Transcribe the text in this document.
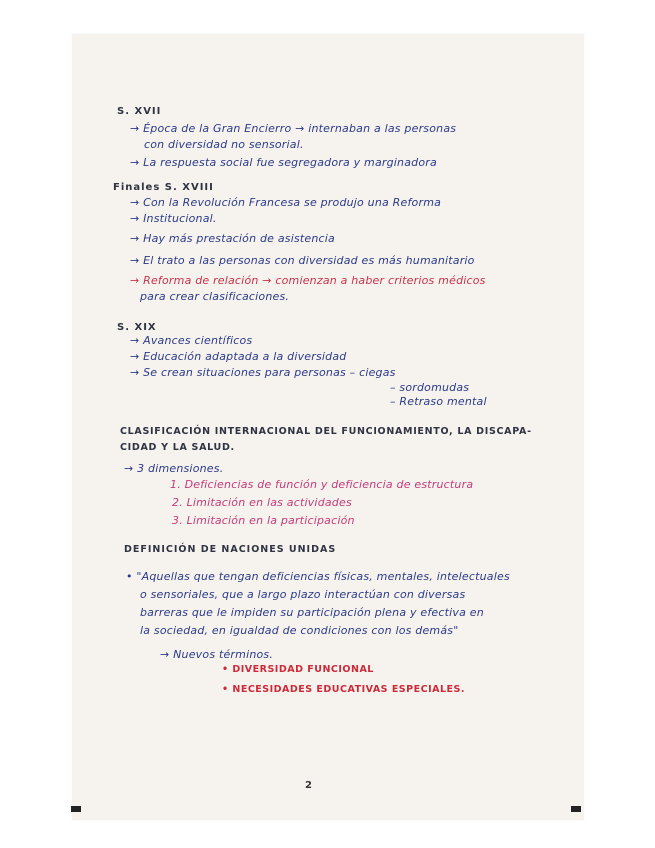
S. XVII
→ Época de la Gran Encierro → internaban a las personas
con diversidad no sensorial.
→ La respuesta social fue segregadora y marginadora
Finales S. XVIII
→ Con la Revolución Francesa se produjo una Reforma
→ Institucional.
→ Hay más prestación de asistencia
→ El trato a las personas con diversidad es más humanitario
→ Reforma de relación → comienzan a haber criterios médicos
para crear clasificaciones.
S. XIX
→ Avances científicos
→ Educación adaptada a la diversidad
→ Se crean situaciones para personas – ciegas
– sordomudas
– Retraso mental
CLASIFICACIÓN INTERNACIONAL DEL FUNCIONAMIENTO, LA DISCAPA-
CIDAD Y LA SALUD.
→ 3 dimensiones.
1. Deficiencias de función y deficiencia de estructura
2. Limitación en las actividades
3. Limitación en la participación
DEFINICIÓN DE NACIONES UNIDAS
• "Aquellas que tengan deficiencias físicas, mentales, intelectuales
o sensoriales, que a largo plazo interactúan con diversas
barreras que le impiden su participación plena y efectiva en
la sociedad, en igualdad de condiciones con los demás"
→ Nuevos términos.
• DIVERSIDAD FUNCIONAL
• NECESIDADES EDUCATIVAS ESPECIALES.
2
